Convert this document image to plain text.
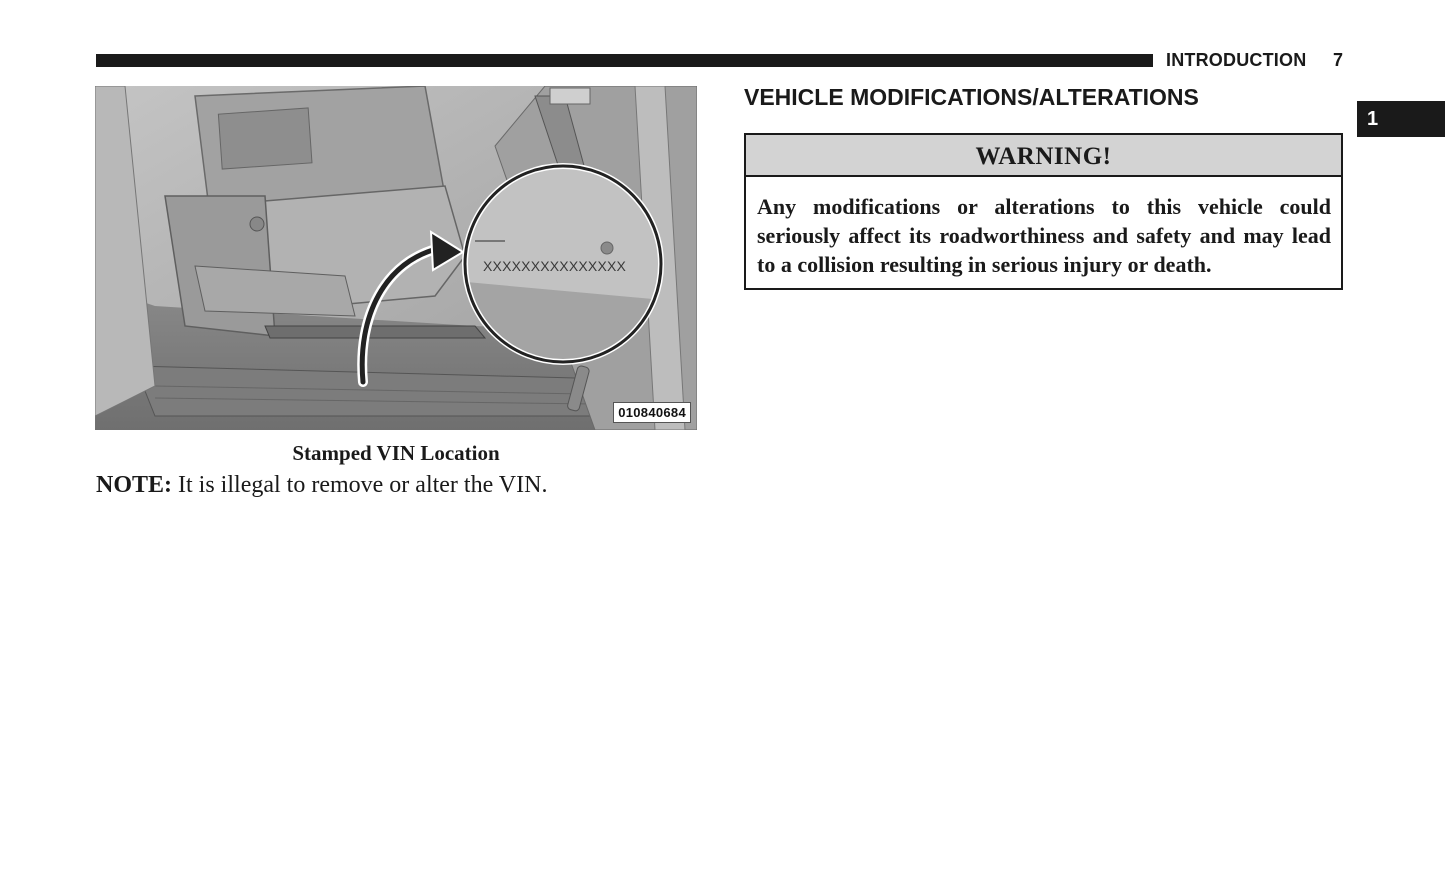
INTRODUCTION 7
1
XXXXXXXXXXXXXXX
010840684
Stamped VIN Location
NOTE: It is illegal to remove or alter the VIN.
VEHICLE MODIFICATIONS/ALTERATIONS
WARNING!
Any modifications or alterations to this vehicle could seriously affect its roadworthiness and safety and may lead to a collision resulting in serious injury or death.
